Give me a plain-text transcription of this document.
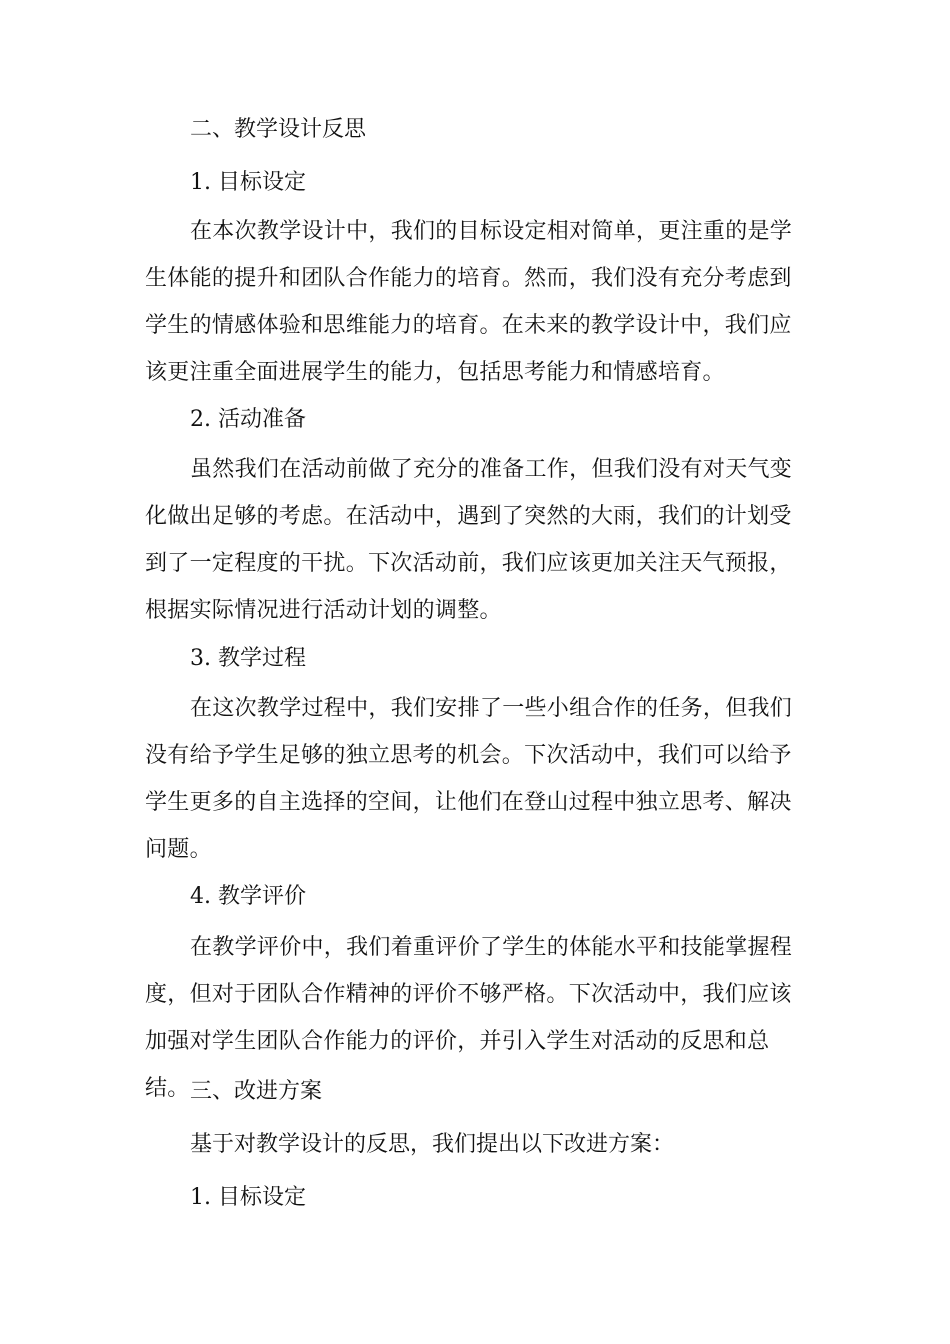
二、教学设计反思
1. 目标设定
在本次教学设计中，我们的目标设定相对简单，更注重的是学生体能的提升和团队合作能力的培育。然而，我们没有充分考虑到学生的情感体验和思维能力的培育。在未来的教学设计中，我们应该更注重全面进展学生的能力，包括思考能力和情感培育。
2. 活动准备
虽然我们在活动前做了充分的准备工作，但我们没有对天气变化做出足够的考虑。在活动中，遇到了突然的大雨，我们的计划受到了一定程度的干扰。下次活动前，我们应该更加关注天气预报，根据实际情况进行活动计划的调整。
3. 教学过程
在这次教学过程中，我们安排了一些小组合作的任务，但我们没有给予学生足够的独立思考的机会。下次活动中，我们可以给予学生更多的自主选择的空间，让他们在登山过程中独立思考、解决问题。
4. 教学评价
在教学评价中，我们着重评价了学生的体能水平和技能掌握程度，但对于团队合作精神的评价不够严格。下次活动中，我们应该加强对学生团队合作能力的评价，并引入学生对活动的反思和总结。 三、改进方案
基于对教学设计的反思，我们提出以下改进方案：
1. 目标设定
